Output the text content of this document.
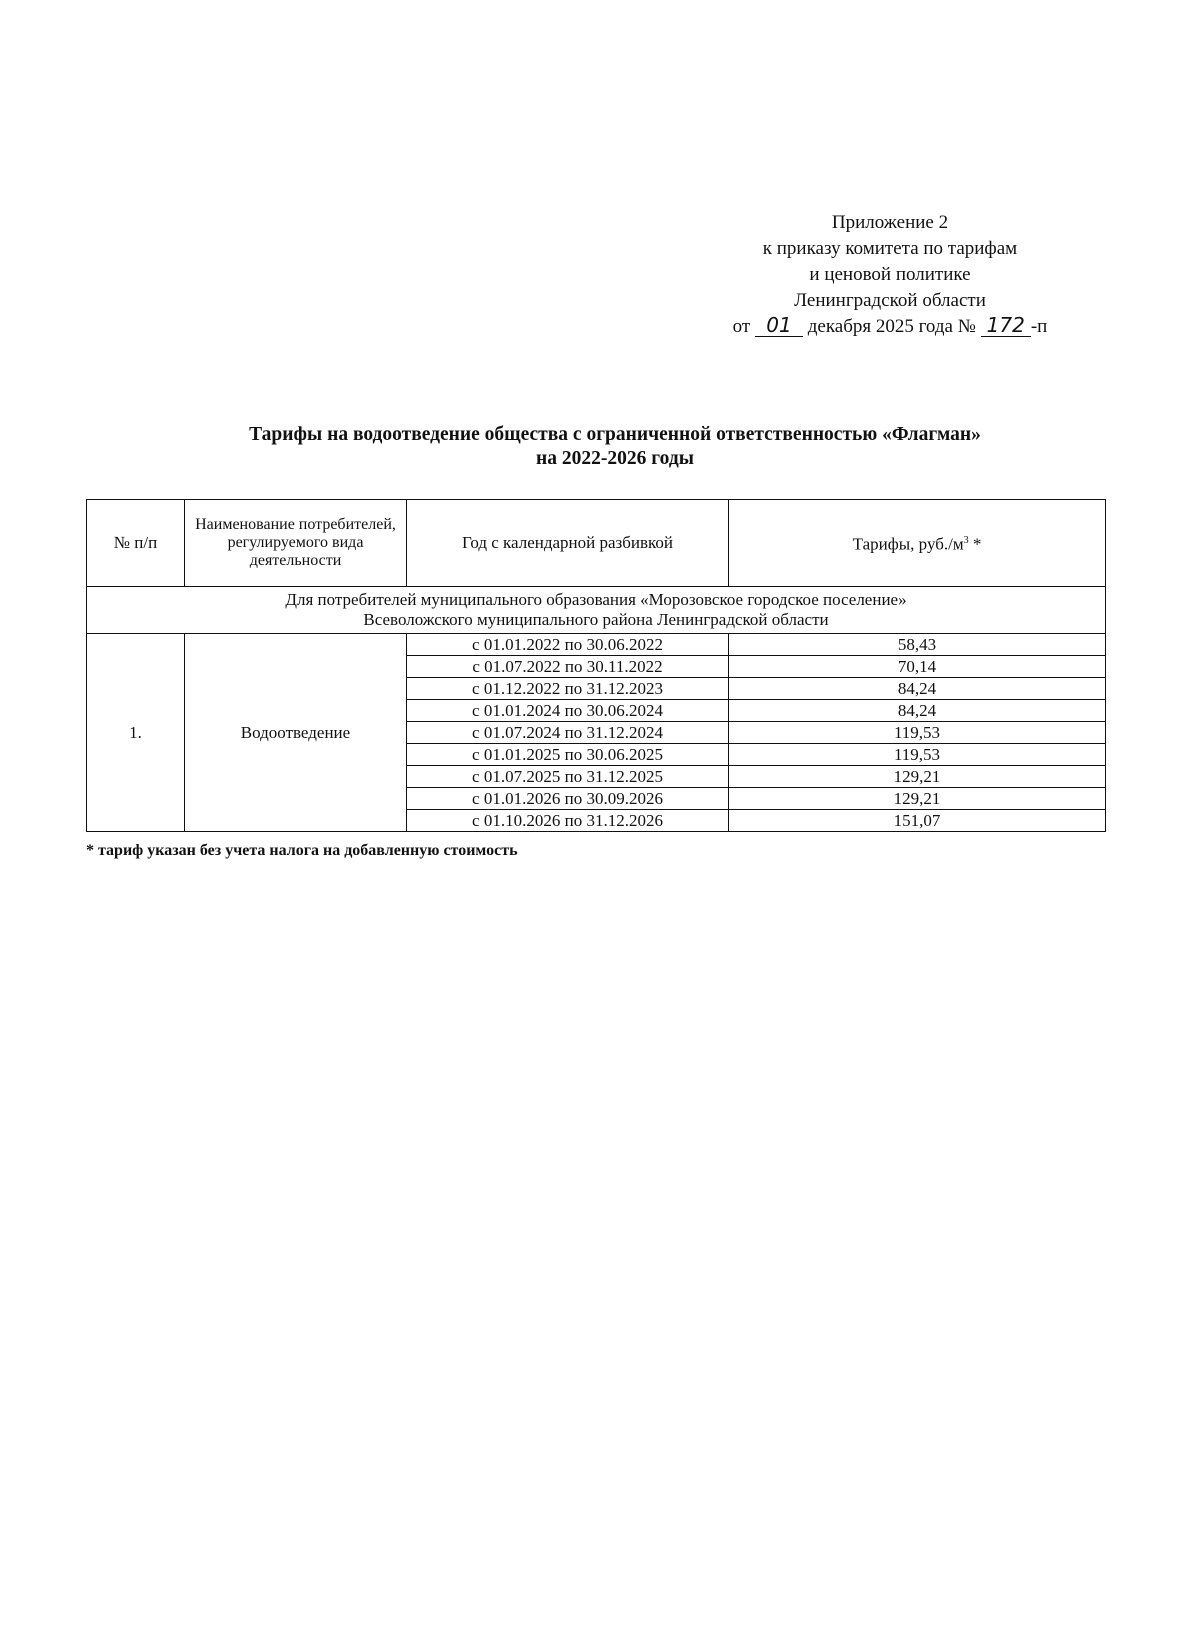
Приложение 2
к приказу комитета по тарифам
и ценовой политике
Ленинградской области
от 01 декабря 2025 года № 172 -п
Тарифы на водоотведение общества с ограниченной ответственностью «Флагман»
на 2022-2026 годы
№ п/п	Наименование потребителей, регулируемого вида деятельности	Год с календарной разбивкой	Тарифы, $руб./м^3$ *

Для потребителей муниципального образования «Морозовское городское поселение»
Всеволожского муниципального района Ленинградской области			

1.	Водоотведение	с 01.01.2022 по 30.06.2022	58,43
		с 01.07.2022 по 30.11.2022	70,14
		с 01.12.2022 по 31.12.2023	84,24
		с 01.01.2024 по 30.06.2024	84,24
		с 01.07.2024 по 31.12.2024	119,53
		с 01.01.2025 по 30.06.2025	119,53
		с 01.07.2025 по 31.12.2025	129,21
		с 01.01.2026 по 30.09.2026	129,21
		с 01.10.2026 по 31.12.2026	151,07
* тариф указан без учета налога на добавленную стоимость
